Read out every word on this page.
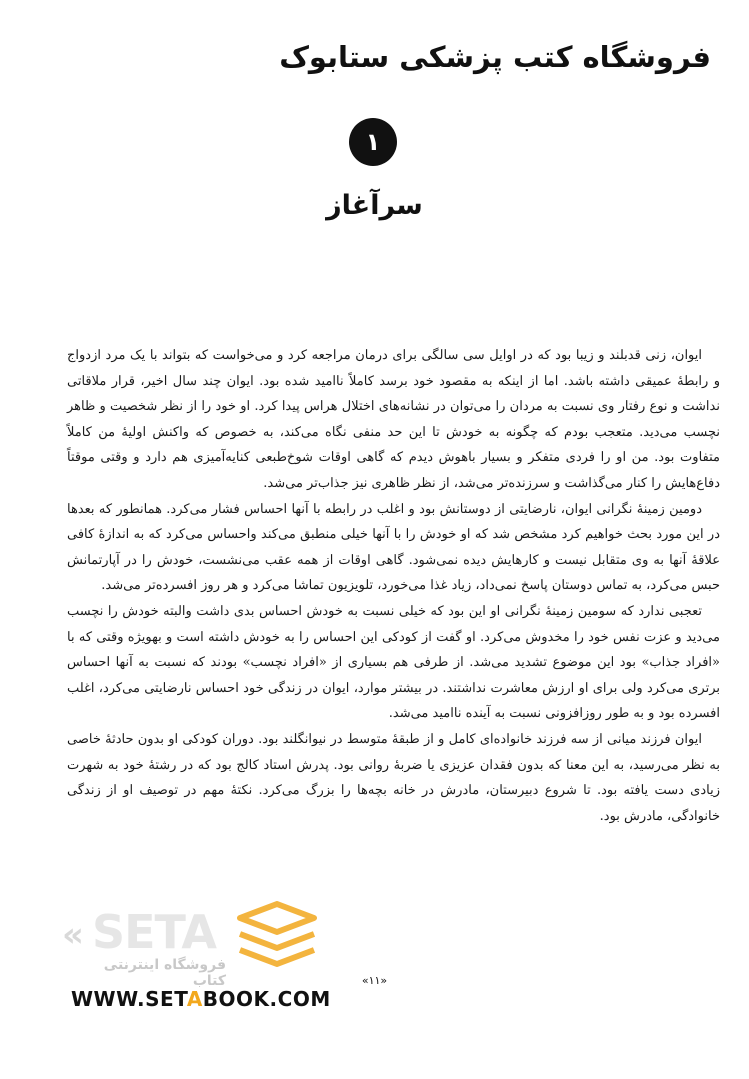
فروشگاه کتب پزشکی ستابوک
۱
سرآغاز

ایوان، زنی قدبلند و زیبا بود که در اوایل سی سالگی برای درمان مراجعه کرد و می‌خواست که بتواند با یک مرد ازدواج و رابطهٔ عمیقی داشته باشد. اما از اینکه به مقصود خود برسد کاملاً ناامید شده بود. ایوان چند سال اخیر، قرار ملاقاتی نداشت و نوع رفتار وی نسبت به مردان را می‌توان در نشانه‌های اختلال هراس پیدا کرد. او خود را از نظر شخصیت و ظاهر نچسب می‌دید. متعجب بودم که چگونه به خودش تا این حد منفی نگاه می‌کند، به خصوص که واکنش اولیهٔ من کاملاً متفاوت بود. من او را فردی متفکر و بسیار باهوش دیدم که گاهی اوقات شوخ‌طبعی کنایه‌آمیزی هم دارد و وقتی موقتاً دفاع‌هایش را کنار می‌گذاشت و سرزنده‌تر می‌شد، از نظر ظاهری نیز جذاب‌تر می‌شد.

دومین زمینهٔ نگرانی ایوان، نارضایتی از دوستانش بود و اغلب در رابطه با آنها احساس فشار می‌کرد. همانطور که بعدها در این مورد بحث خواهیم کرد مشخص شد که او خودش را با آنها خیلی منطبق می‌کند واحساس می‌کرد که به اندازهٔ کافی علاقهٔ آنها به وی متقابل نیست و کارهایش دیده نمی‌شود. گاهی اوقات از همه عقب می‌نشست، خودش را در آپارتمانش حبس می‌کرد، به تماس دوستان پاسخ نمی‌داد، زیاد غذا می‌خورد، تلویزیون تماشا می‌کرد و هر روز افسرده‌تر می‌شد.

تعجبی ندارد که سومین زمینهٔ نگرانی او این بود که خیلی نسبت به خودش احساس بدی داشت والبته خودش را نچسب می‌دید و عزت نفس خود را مخدوش می‌کرد. او گفت از کودکی این احساس را به خودش داشته است و بهویژه وقتی که با «افراد جذاب» بود این موضوع تشدید می‌شد. از طرفی هم بسیاری از «افراد نچسب» بودند که نسبت به آنها احساس برتری می‌کرد ولی برای او ارزش معاشرت نداشتند. در بیشتر موارد، ایوان در زندگی خود احساس نارضایتی می‌کرد، اغلب افسرده بود و به طور روزافزونی نسبت به آینده ناامید می‌شد.

ایوان فرزند میانی از سه فرزند خانواده‌ای کامل و از طبقهٔ متوسط در نیوانگلند بود. دوران کودکی او بدون حادثهٔ خاصی به نظر می‌رسید، به این معنا که بدون فقدان عزیزی یا ضربهٔ روانی بود. پدرش استاد کالج بود که در رشتهٔ خود به شهرت زیادی دست یافته بود. تا شروع دبیرستان، مادرش در خانه بچه‌ها را بزرگ می‌کرد. نکتهٔ مهم در توصیف او از زندگی خانوادگی، مادرش بود.

« SETA
فروشگاه اینترنتی کتاب	«۱۱»
WWW.SETABOOK.COM
